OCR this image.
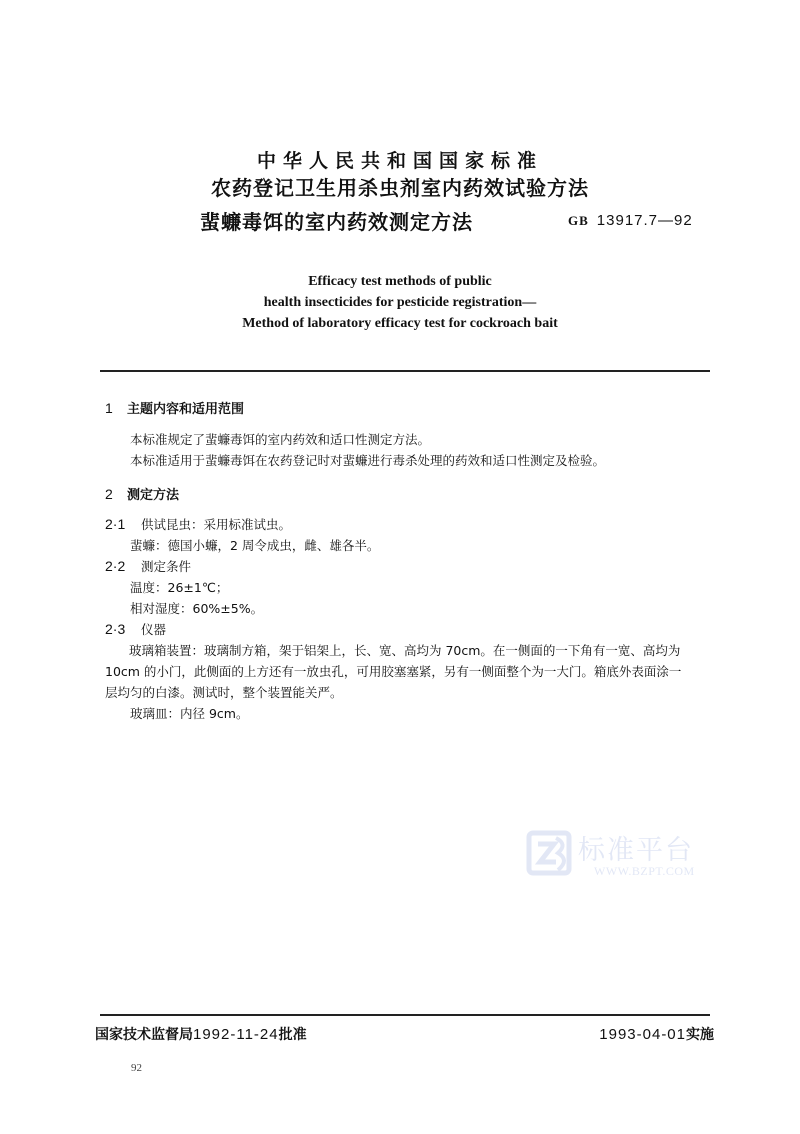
中华人民共和国国家标准
农药登记卫生用杀虫剂室内药效试验方法
蜚蠊毒饵的室内药效测定方法	GB 13917.7—92
Efficacy test methods of public
health insecticides for pesticide registration—
Method of laboratory efficacy test for cockroach bait
1 主题内容和适用范围
本标准规定了蜚蠊毒饵的室内药效和适口性测定方法。
本标准适用于蜚蠊毒饵在农药登记时对蜚蠊进行毒杀处理的药效和适口性测定及检验。
2 测定方法
2·1 供试昆虫：采用标准试虫。
蜚蠊：德国小蠊，2 周令成虫，雌、雄各半。
2·2 测定条件
温度：26±1℃；
相对湿度：60%±5%。
2·3 仪器
玻璃箱装置：玻璃制方箱，架于铝架上，长、宽、高均为 70cm。在一侧面的一下角有一宽、高均为 10cm 的小门，此侧面的上方还有一放虫孔，可用胶塞塞紧，另有一侧面整个为一大门。箱底外表面涂一层均匀的白漆。测试时，整个装置能关严。
玻璃皿：内径 9cm。
标准平台
WWW.BZPT.COM
国家技术监督局1992-11-24批准	1993-04-01实施
92
